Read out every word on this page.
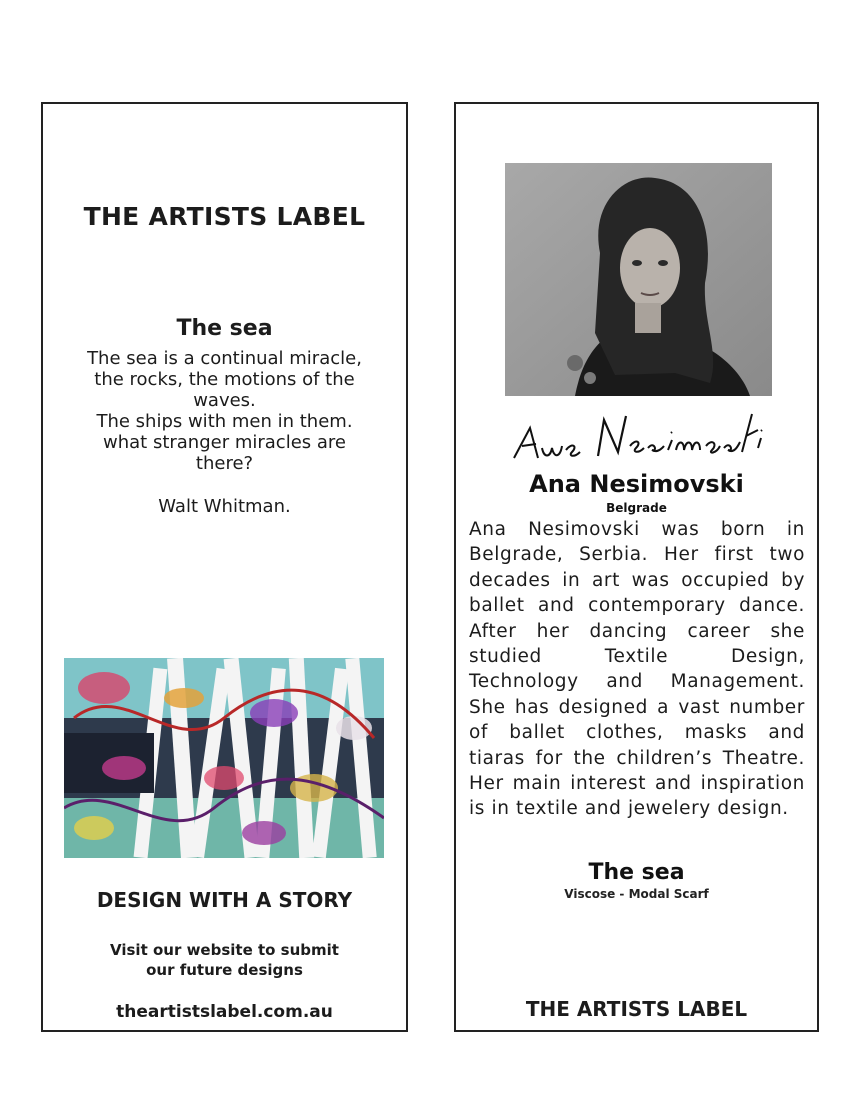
THE ARTISTS LABEL
The sea
The sea is a continual miracle,
the rocks, the motions of the
waves.
The ships with men in them.
what stranger miracles are
there?
Walt Whitman.
DESIGN WITH A STORY
Visit our website to submit
our future designs
theartistslabel.com.au
Ana Nesimovski
Belgrade
Ana Nesimovski was born in Belgrade, Serbia. Her first two decades in art was occupied by ballet and contemporary dance. After her dancing career she studied Textile Design, Technology and Management. She has designed a vast number of ballet clothes, masks and tiaras for the children’s Theatre. Her main interest and inspiration is in textile and jewelery design.
The sea
Viscose - Modal Scarf
THE ARTISTS LABEL
